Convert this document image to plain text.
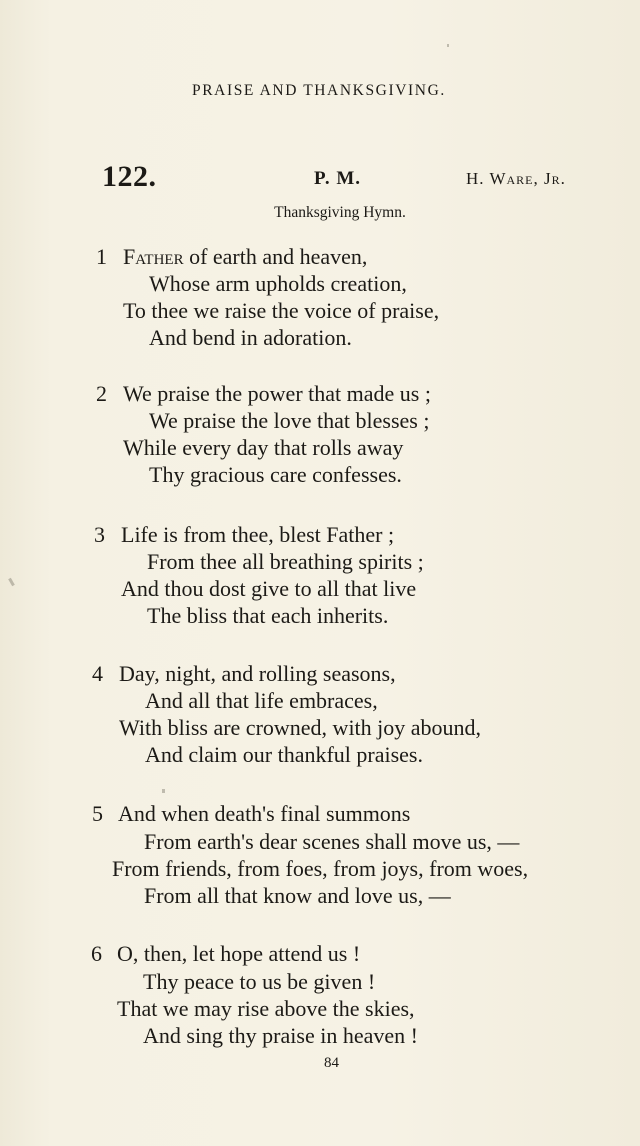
PRAISE AND THANKSGIVING.
122.	P. M.	H. Ware, Jr.
Thanksgiving Hymn.
1 Father of earth and heaven,
Whose arm upholds creation,
To thee we raise the voice of praise,
And bend in adoration.
2 We praise the power that made us ;
We praise the love that blesses ;
While every day that rolls away
Thy gracious care confesses.
3 Life is from thee, blest Father ;
From thee all breathing spirits ;
And thou dost give to all that live
The bliss that each inherits.
4 Day, night, and rolling seasons,
And all that life embraces,
With bliss are crowned, with joy abound,
And claim our thankful praises.
5 And when death's final summons
From earth's dear scenes shall move us, —
From friends, from foes, from joys, from woes,
From all that know and love us, —
6 O, then, let hope attend us !
Thy peace to us be given !
That we may rise above the skies,
And sing thy praise in heaven !
84
